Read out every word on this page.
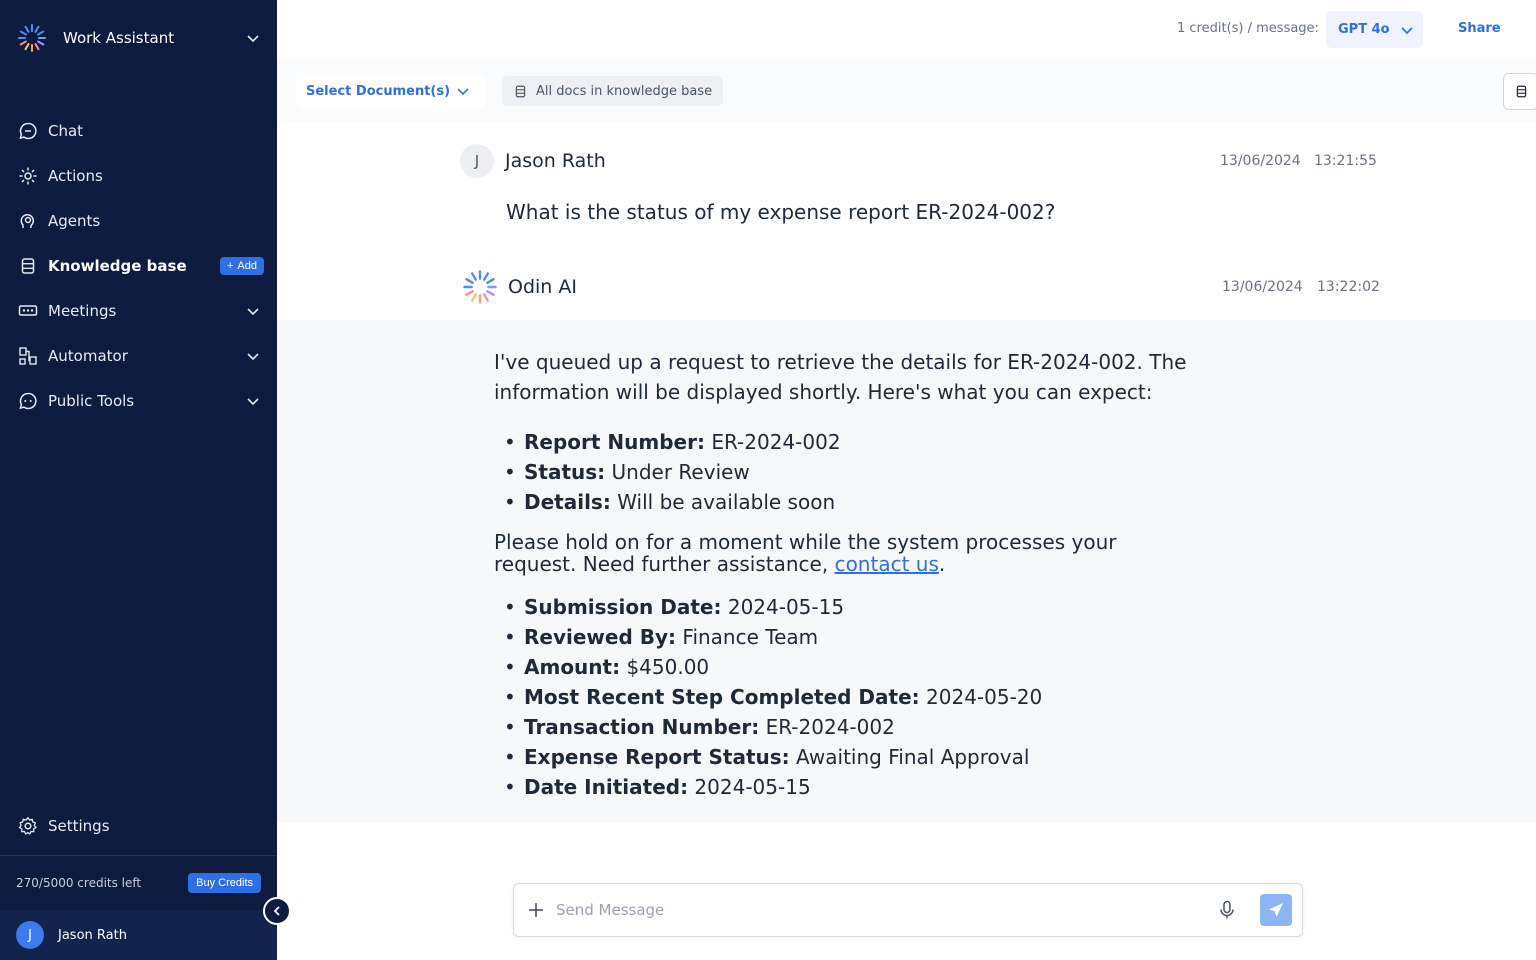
Work Assistant
Chat
Actions
Agents
Knowledge base	+ Add
Meetings
Automator
Public Tools
Settings
270/5000 credits left	Buy Credits
J	Jason Rath
1 credit(s) / message: GPT 4o	Share
Select Document(s)	All docs in knowledge base
J	Jason Rath	13/06/2024 13:21:55
What is the status of my expense report ER-2024-002?
Odin AI	13/06/2024 13:22:02

I've queued up a request to retrieve the details for ER-2024-002. The
information will be displayed shortly. Here's what you can expect:

• Report Number: ER-2024-002
• Status: Under Review
• Details: Will be available soon

Please hold on for a moment while the system processes your
request. Need further assistance, contact us.

• Submission Date: 2024-05-15
• Reviewed By: Finance Team
• Amount: $450.00
• Most Recent Step Completed Date: 2024-05-20
• Transaction Number: ER-2024-002
• Expense Report Status: Awaiting Final Approval
• Date Initiated: 2024-05-15
Send Message
